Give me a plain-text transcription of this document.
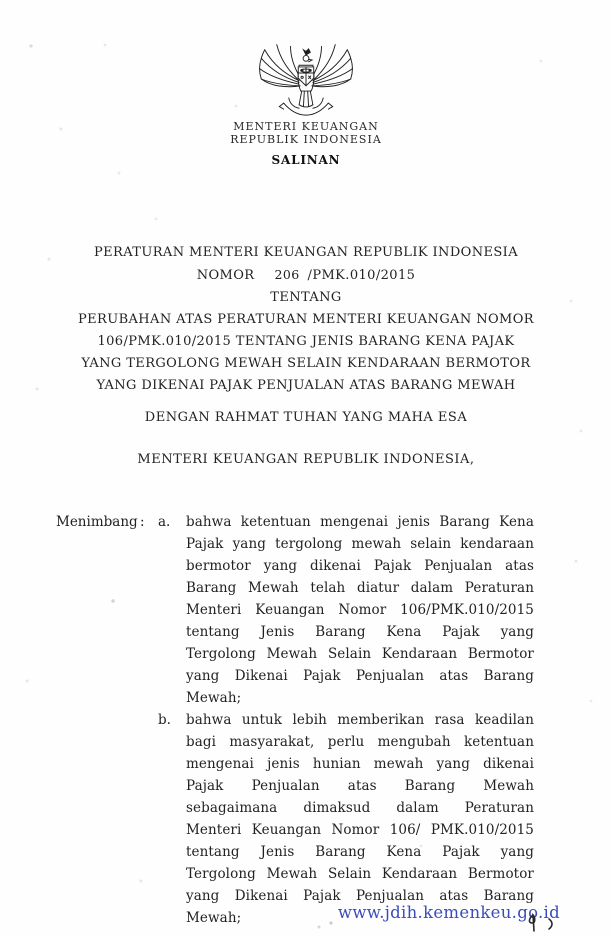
MENTERI KEUANGAN
REPUBLIK INDONESIA
SALINAN
PERATURAN MENTERI KEUANGAN REPUBLIK INDONESIA
NOMOR 206 /PMK.010/2015
TENTANG
PERUBAHAN ATAS PERATURAN MENTERI KEUANGAN NOMOR
106/PMK.010/2015 TENTANG JENIS BARANG KENA PAJAK
YANG TERGOLONG MEWAH SELAIN KENDARAAN BERMOTOR
YANG DIKENAI PAJAK PENJUALAN ATAS BARANG MEWAH
DENGAN RAHMAT TUHAN YANG MAHA ESA
MENTERI KEUANGAN REPUBLIK INDONESIA,
Menimbang : a.	bahwa ketentuan mengenai jenis Barang Kena Pajak yang tergolong mewah selain kendaraan bermotor yang dikenai Pajak Penjualan atas Barang Mewah telah diatur dalam Peraturan Menteri Keuangan Nomor 106/PMK.010/2015 tentang Jenis Barang Kena Pajak yang Tergolong Mewah Selain Kendaraan Bermotor yang Dikenai Pajak Penjualan atas Barang Mewah;
b.	bahwa untuk lebih memberikan rasa keadilan bagi masyarakat, perlu mengubah ketentuan mengenai jenis hunian mewah yang dikenai Pajak Penjualan atas Barang Mewah sebagaimana dimaksud dalam Peraturan Menteri Keuangan Nomor 106/ PMK.010/2015 tentang Jenis Barang Kena Pajak yang Tergolong Mewah Selain Kendaraan Bermotor yang Dikenai Pajak Penjualan atas Barang Mewah;	www.jdih.kemenkeu.go.id
